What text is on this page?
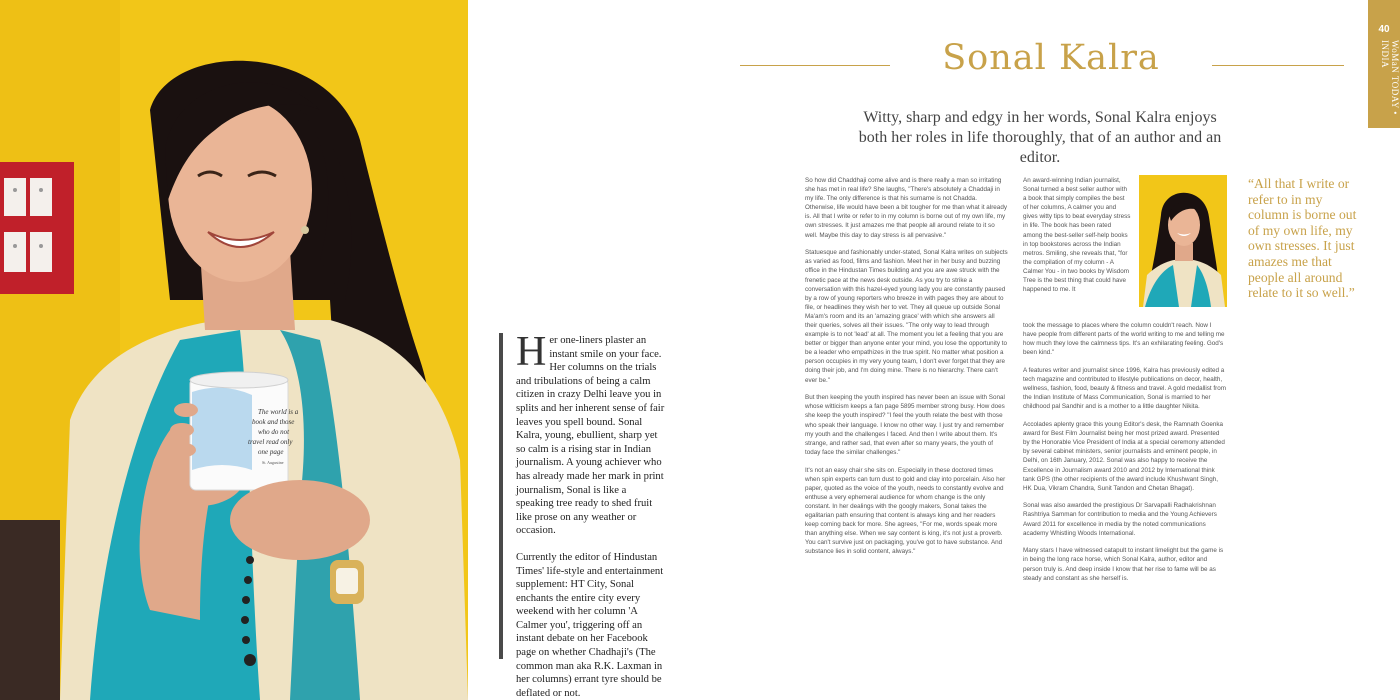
The world is a
book and those
who do not
travel read only
one page
St. Augustine
40
WoMaN TODAY • INDIA
Sonal Kalra

Witty, sharp and edgy in her words, Sonal Kalra enjoys both her roles in life thoroughly, that of an author and an editor.

Her one-liners plaster an instant smile on your face. Her columns on the trials and tribulations of being a calm citizen in crazy Delhi leave you in splits and her inherent sense of fair leaves you spell bound. Sonal Kalra, young, ebullient, sharp yet so calm is a rising star in Indian journalism. A young achiever who has already made her mark in print journalism, Sonal is like a speaking tree ready to shed fruit like prose on any weather or occasion.

Currently the editor of Hindustan Times' life-style and entertainment supplement: HT City, Sonal enchants the entire city every weekend with her column 'A Calmer you', triggering off an instant debate on her Facebook page on whether Chadhaji's (The common man aka R.K. Laxman in her columns) errant tyre should be deflated or not.

So how did Chaddhaji come alive and is there really a man so irritating she has met in real life? She laughs, "There's absolutely a Chaddaji in my life. The only difference is that his surname is not Chadda. Otherwise, life would have been a bit tougher for me than what it already is. All that I write or refer to in my column is borne out of my own life, my own stresses. It just amazes me that people all around relate to it so well. Maybe this day to day stress is all pervasive."

Statuesque and fashionably under-stated, Sonal Kalra writes on subjects as varied as food, films and fashion. Meet her in her busy and buzzing office in the Hindustan Times building and you are awe struck with the frenetic pace at the news desk outside. As you try to strike a conversation with this hazel-eyed young lady you are constantly paused by a row of young reporters who breeze in with pages they are about to file, or headlines they wish her to vet. They all queue up outside Sonal Ma'am's room and its an 'amazing grace' with which she answers all their queries, solves all their issues. "The only way to lead through example is to not 'lead' at all. The moment you let a feeling that you are better or bigger than anyone enter your mind, you lose the opportunity to be a leader who empathizes in the true spirit. No matter what position a person occupies in my very young team, I don't ever forget that they are doing their job, and I'm doing mine. There is no hierarchy. There can't ever be."

But then keeping the youth inspired has never been an issue with Sonal whose witticism keeps a fan page 5895 member strong busy. How does she keep the youth inspired? "I feel the youth relate the best with those who speak their language. I know no other way. I just try and remember my youth and the challenges I faced. And then I write about them. It's strange, and rather sad, that even after so many years, the youth of today face the similar challenges."

It's not an easy chair she sits on. Especially in these doctored times when spin experts can turn dust to gold and clay into porcelain. Also her paper, quoted as the voice of the youth, needs to constantly evolve and enthuse a very ephemeral audience for whom change is the only constant. In her dealings with the googly makers, Sonal takes the egalitarian path ensuring that content is always king and her readers keep coming back for more. She agrees, "For me, words speak more than anything else. When we say content is king, it's not just a proverb. You can't survive just on packaging, you've got to have substance. And substance lies in solid content, always."

An award-winning Indian journalist, Sonal turned a best seller author with a book that simply compiles the best of her columns, A calmer you and gives witty tips to beat everyday stress in life. The book has been rated among the best-seller self-help books in top bookstores across the Indian metros. Smiling, she reveals that, "for the compilation of my column - A Calmer You - in two books by Wisdom Tree is the best thing that could have happened to me. It

took the message to places where the column couldn't reach. Now I have people from different parts of the world writing to me and telling me how much they love the calmness tips. It's an exhilarating feeling. God's been kind."

A features writer and journalist since 1996, Kalra has previously edited a tech magazine and contributed to lifestyle publications on decor, health, wellness, fashion, food, beauty & fitness and travel. A gold medallist from the Indian Institute of Mass Communication, Sonal is married to her childhood pal Sandhir and is a mother to a little daughter Nikita.

Accolades aplenty grace this young Editor's desk, the Ramnath Goenka award for Best Film Journalist being her most prized award. Presented by the Honorable Vice President of India at a special ceremony attended by several cabinet ministers, senior journalists and eminent people, in Delhi, on 16th January, 2012. Sonal was also happy to receive the Excellence in Journalism award 2010 and 2012 by International think tank GPS (the other recipients of the award include Khushwant Singh, HK Dua, Vikram Chandra, Sunit Tandon and Chetan Bhagat).

Sonal was also awarded the prestigious Dr Sarvapalli Radhakrishnan Rashtriya Samman for contribution to media and the Young Achievers Award 2011 for excellence in media by the noted communications academy Whistling Woods International.

Many stars I have witnessed catapult to instant limelight but the game is in being the long race horse, which Sonal Kalra, author, editor and person truly is. And deep inside I know that her rise to fame will be as steady and constant as she herself is.

“All that I write or refer to in my column is borne out of my own life, my own stresses. It just amazes me that people all around relate to it so well.”
